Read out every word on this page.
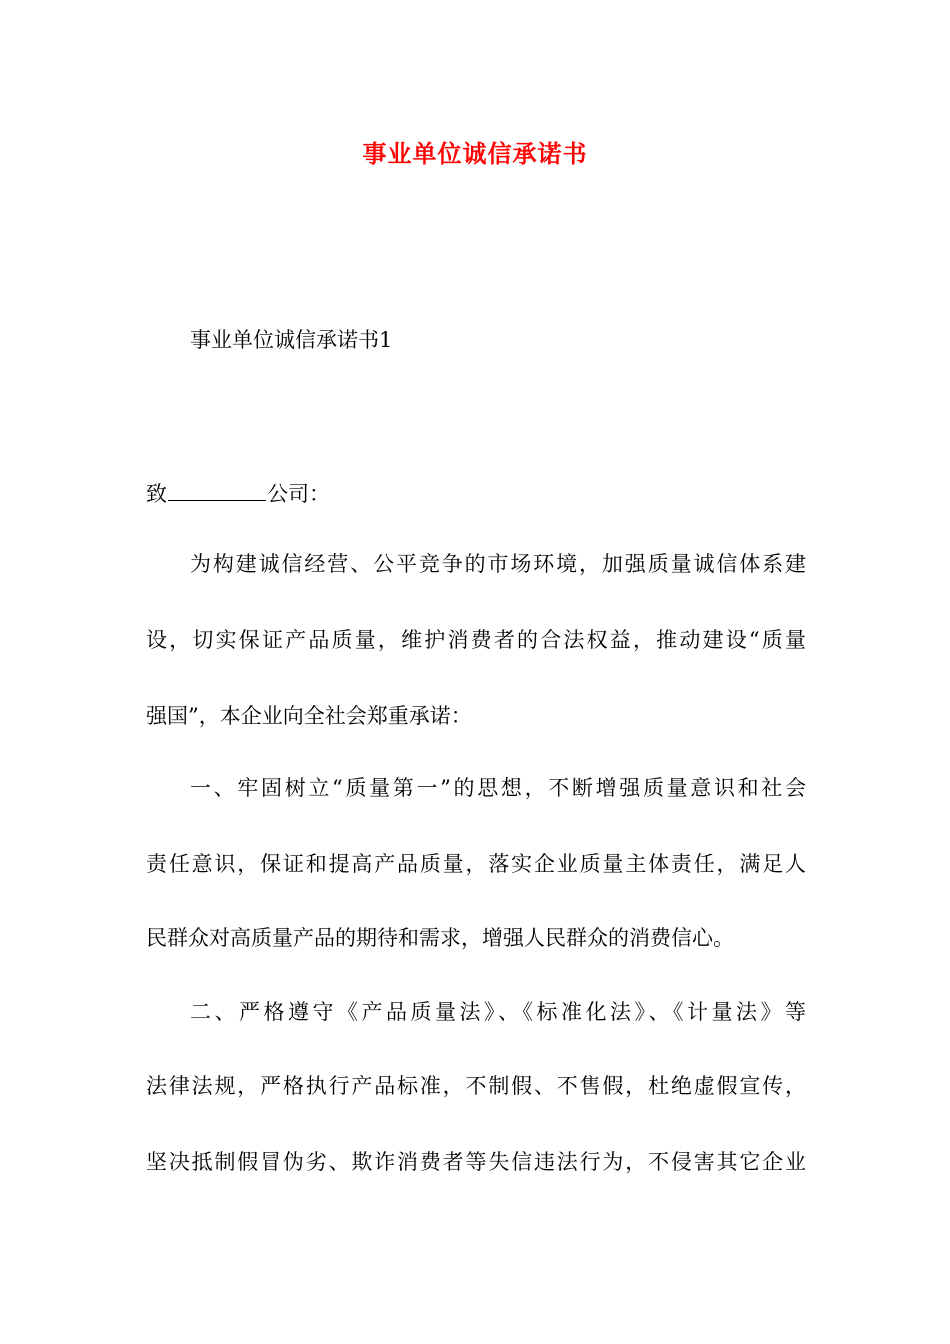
事业单位诚信承诺书
事业单位诚信承诺书1
致	公司：
为构建诚信经营、公平竞争的市场环境，加强质量诚信体系建
设，切实保证产品质量，维护消费者的合法权益，推动建设“质量
强国”，本企业向全社会郑重承诺：
一、牢固树立“质量第一”的思想，不断增强质量意识和社会
责任意识，保证和提高产品质量，落实企业质量主体责任，满足人
民群众对高质量产品的期待和需求，增强人民群众的消费信心。
二、严格遵守《产品质量法》、《标准化法》、《计量法》等
法律法规，严格执行产品标准，不制假、不售假，杜绝虚假宣传，
坚决抵制假冒伪劣、欺诈消费者等失信违法行为，不侵害其它企业
